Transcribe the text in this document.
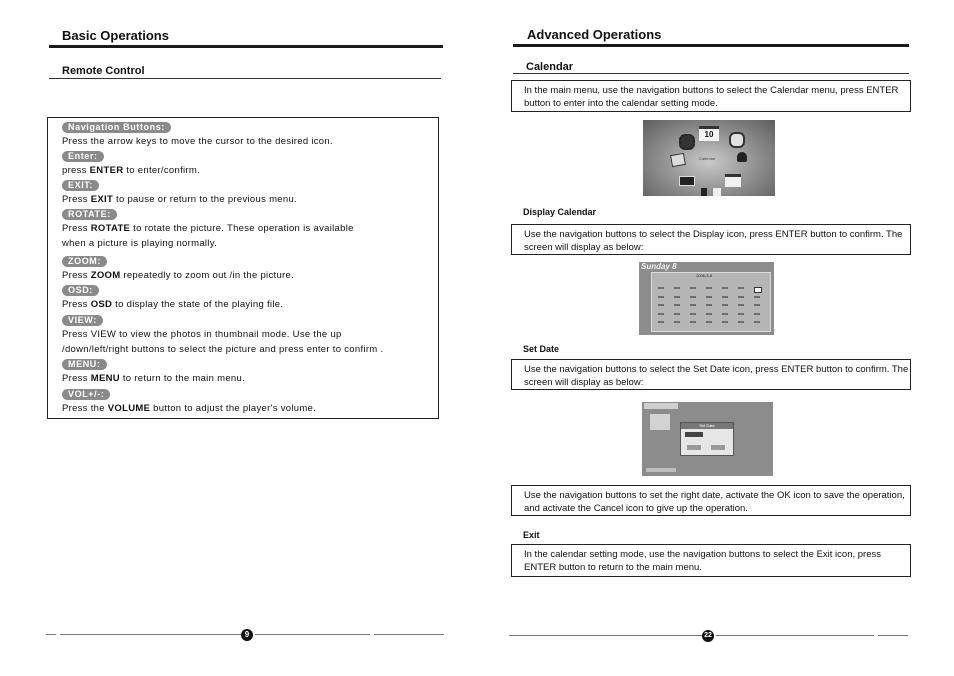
Basic Operations
Remote Control
Navigation Buttons:
Press the arrow keys to move the cursor to the desired icon.
Enter:
press ENTER to enter/confirm.
EXIT:
Press EXIT to pause or return to the previous menu.
ROTATE:
Press ROTATE to rotate the picture. These operation is available
when a picture is playing normally.
ZOOM:
Press ZOOM repeatedly to zoom out /in the picture.
OSD:
Press OSD to display the state of the playing file.
VIEW:
Press VIEW to view the photos in thumbnail mode. Use the up
/down/left/right buttons to select the picture and press enter to confirm .
MENU:
Press MENU to return to the main menu.
VOL+/-:
Press the VOLUME button to adjust the player's volume.
Advanced Operations
Calendar
In the main menu, use the navigation buttons to select the Calendar menu, press ENTER button to enter into the calendar setting mode.
10
Calendar
Display Calendar
Use the navigation buttons to select the Display icon, press ENTER button to confirm. The screen will display as below:
Sunday 8
2006-3-8
Set Date
Use the navigation buttons to select the Set Date icon, press ENTER button to confirm. The screen will display as below:
Set Date
Use the navigation buttons to set the right date, activate the OK icon to save the operation, and activate the Cancel icon to give up the operation.
Exit
In the calendar setting mode, use the navigation buttons to select the Exit icon, press ENTER button to return to the main menu.
9	22
